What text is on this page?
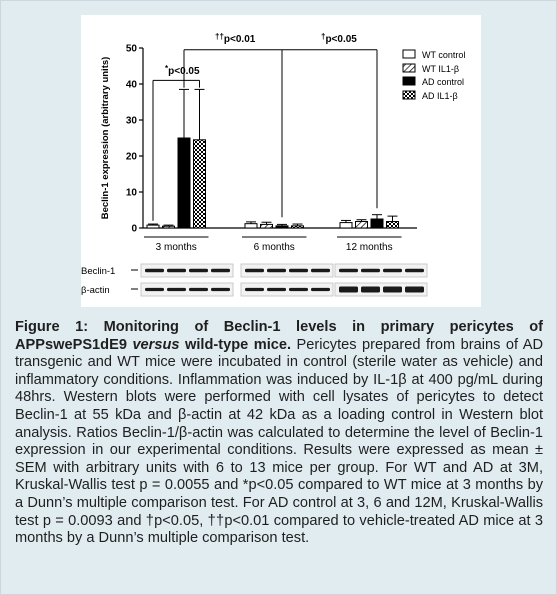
0
10
20
30
40
50
Beclin-1 expression (arbitrary units)
3 months	6 months	12 months
*p<0.05
††p<0.01	†p<0.05
WT control
WT IL1-β
AD control
AD IL1-β
Beclin-1
β-actin
Figure 1: Monitoring of Beclin-1 levels in primary pericytes of APPswePS1dE9 versus wild-type mice. Pericytes prepared from brains of AD transgenic and WT mice were incubated in control (sterile water as vehicle) and inflammatory conditions. Inflammation was induced by IL-1β at 400 pg/mL during 48hrs. Western blots were performed with cell lysates of pericytes to detect Beclin-1 at 55 kDa and β-actin at 42 kDa as a loading control in Western blot analysis. Ratios Beclin-1/β-actin was calculated to determine the level of Beclin-1 expression in our experimental conditions. Results were expressed as mean ± SEM with arbitrary units with 6 to 13 mice per group. For WT and AD at 3M, Kruskal-Wallis test p = 0.0055 and *p<0.05 compared to WT mice at 3 months by a Dunn’s multiple comparison test. For AD control at 3, 6 and 12M, Kruskal-Wallis test p = 0.0093 and †p<0.05, ††p<0.01 compared to vehicle-treated AD mice at 3 months by a Dunn’s multiple comparison test.
